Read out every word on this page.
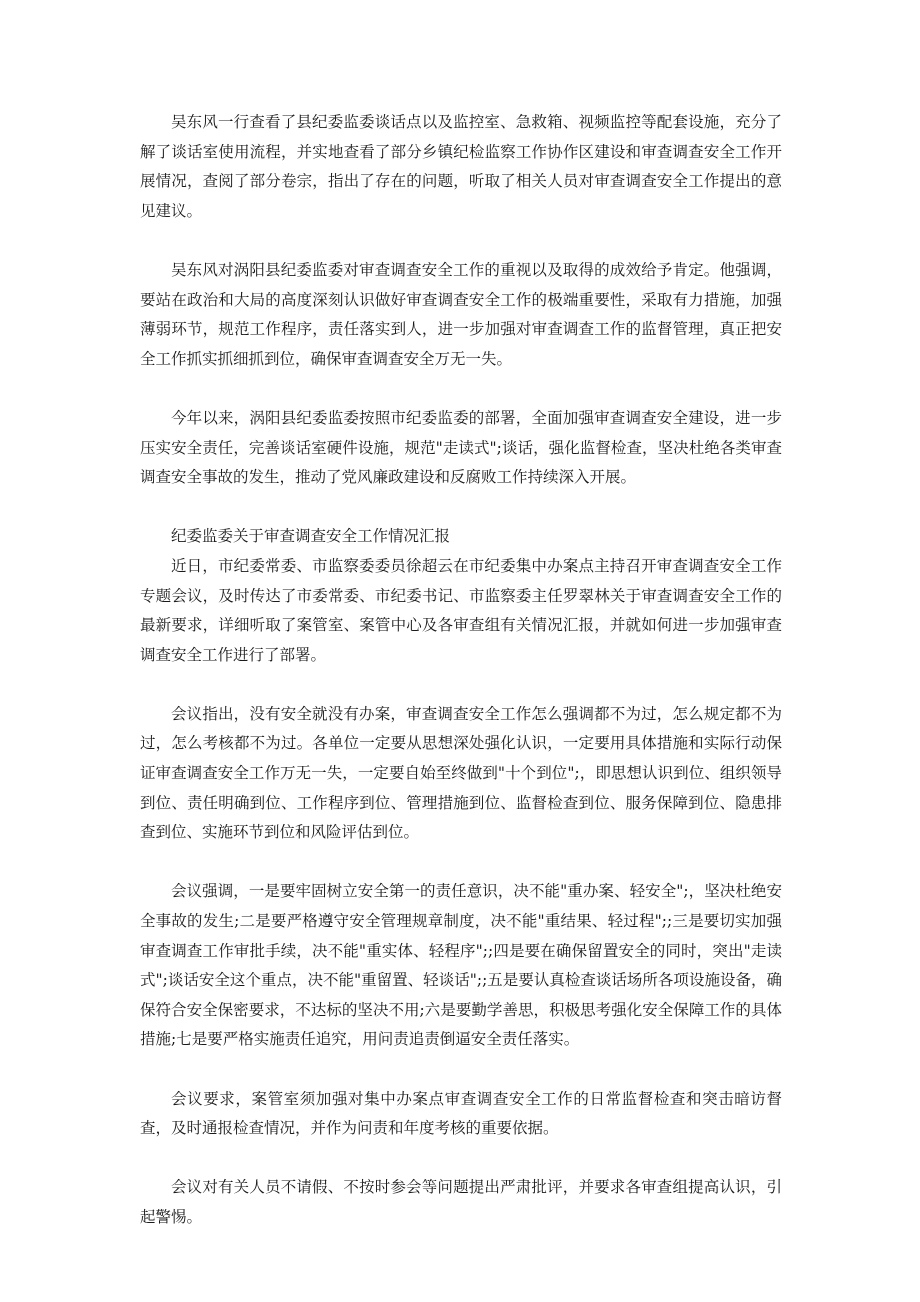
吴东风一行查看了县纪委监委谈话点以及监控室、急救箱、视频监控等配套设施，充分了解了谈话室使用流程，并实地查看了部分乡镇纪检监察工作协作区建设和审查调查安全工作开展情况，查阅了部分卷宗，指出了存在的问题，听取了相关人员对审查调查安全工作提出的意见建议。

吴东风对涡阳县纪委监委对审查调查安全工作的重视以及取得的成效给予肯定。他强调，要站在政治和大局的高度深刻认识做好审查调查安全工作的极端重要性，采取有力措施，加强薄弱环节，规范工作程序，责任落实到人，进一步加强对审查调查工作的监督管理，真正把安全工作抓实抓细抓到位，确保审查调查安全万无一失。

今年以来，涡阳县纪委监委按照市纪委监委的部署，全面加强审查调查安全建设，进一步压实安全责任，完善谈话室硬件设施，规范"走读式";谈话，强化监督检查，坚决杜绝各类审查调查安全事故的发生，推动了党风廉政建设和反腐败工作持续深入开展。

纪委监委关于审查调查安全工作情况汇报

近日，市纪委常委、市监察委委员徐超云在市纪委集中办案点主持召开审查调查安全工作专题会议，及时传达了市委常委、市纪委书记、市监察委主任罗翠林关于审查调查安全工作的最新要求，详细听取了案管室、案管中心及各审查组有关情况汇报，并就如何进一步加强审查调查安全工作进行了部署。

会议指出，没有安全就没有办案，审查调查安全工作怎么强调都不为过，怎么规定都不为过，怎么考核都不为过。各单位一定要从思想深处强化认识，一定要用具体措施和实际行动保证审查调查安全工作万无一失，一定要自始至终做到"十个到位";，即思想认识到位、组织领导到位、责任明确到位、工作程序到位、管理措施到位、监督检查到位、服务保障到位、隐患排查到位、实施环节到位和风险评估到位。

会议强调，一是要牢固树立安全第一的责任意识，决不能"重办案、轻安全";，坚决杜绝安全事故的发生;二是要严格遵守安全管理规章制度，决不能"重结果、轻过程";;三是要切实加强审查调查工作审批手续，决不能"重实体、轻程序";;四是要在确保留置安全的同时，突出"走读式";谈话安全这个重点，决不能"重留置、轻谈话";;五是要认真检查谈话场所各项设施设备，确保符合安全保密要求，不达标的坚决不用;六是要勤学善思，积极思考强化安全保障工作的具体措施;七是要严格实施责任追究，用问责追责倒逼安全责任落实。

会议要求，案管室须加强对集中办案点审查调查安全工作的日常监督检查和突击暗访督查，及时通报检查情况，并作为问责和年度考核的重要依据。

会议对有关人员不请假、不按时参会等问题提出严肃批评，并要求各审查组提高认识，引起警惕。
